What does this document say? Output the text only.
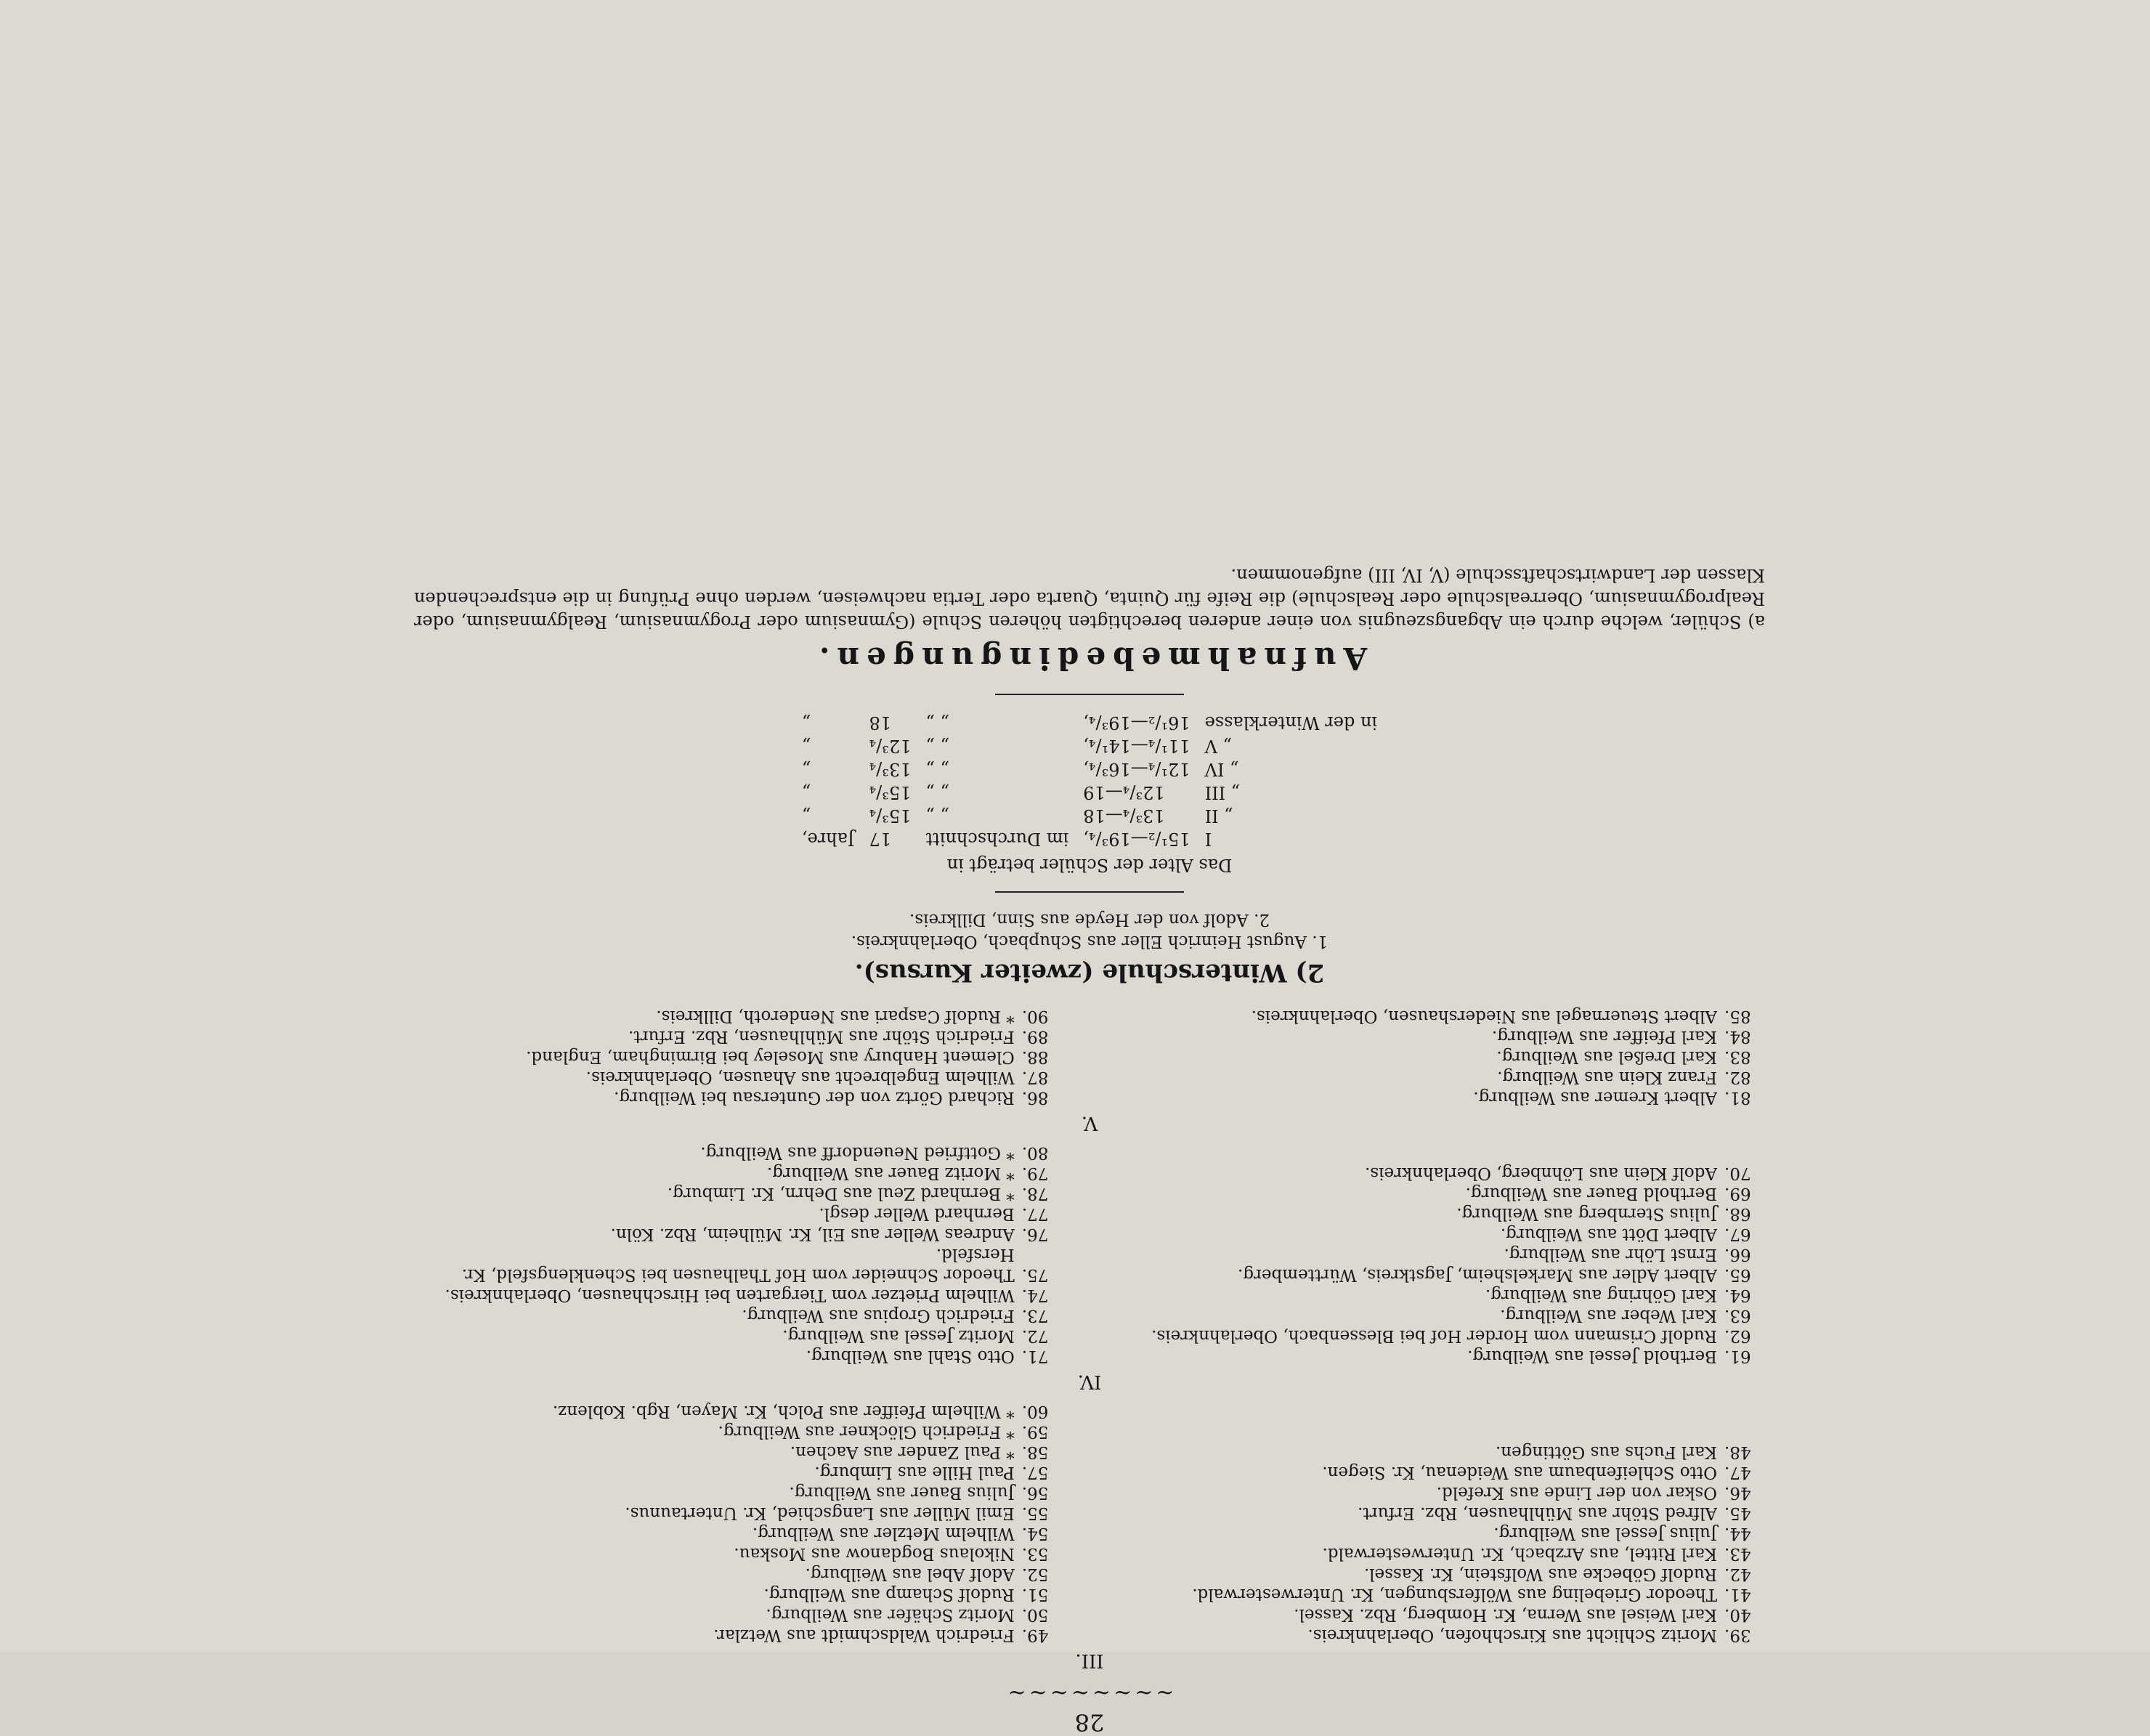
28
~~~~~~~~
III.
39.
Moritz Schlicht aus Kirschhofen, Oberlahnkreis.
40.
Karl Weisel aus Werna, Kr. Homberg, Rbz. Kassel.
41.
Theodor Griebeling aus Wölfersbungen, Kr. Unterwesterwald.
42.
Rudolf Göbecke aus Wolfstein, Kr. Kassel.
43.
Karl Rittel, aus Arzbach, Kr. Unterwesterwald.
44.
Julius Jessel aus Weilburg.
45.
Alfred Stöhr aus Mühlhausen, Rbz. Erfurt.
46.
Oskar von der Linde aus Krefeld.
47.
Otto Schleifenbaum aus Weidenau, Kr. Siegen.
48.
Karl Fuchs aus Göttingen.
49.
Friedrich Waldschmidt aus Wetzlar.
50.
Moritz Schäfer aus Weilburg.
51.
Rudolf Schamp aus Weilburg.
52.
Adolf Abel aus Weilburg.
53.
Nikolaus Bogdanow aus Moskau.
54.
Wilhelm Metzler aus Weilburg.
55.
Emil Müller aus Langschied, Kr. Untertaunus.
56.
Julius Bauer aus Weilburg.
57.
Paul Hille aus Limburg.
58.
* Paul Zander aus Aachen.
59.
* Friedrich Glöckner aus Weilburg.
60.
* Wilhelm Pfeiffer aus Polch, Kr. Mayen, Rgb. Koblenz.
IV.
61.
Berthold Jessel aus Weilburg.
62.
Rudolf Crismann vom Horder Hof bei Blessenbach, Oberlahnkreis.
63.
Karl Weber aus Weilburg.
64.
Karl Göhring aus Weilburg.
65.
Albert Adler aus Markelsheim, Jagstkreis, Württemberg.
66.
Ernst Löhr aus Weilburg.
67.
Albert Dött aus Weilburg.
68.
Julius Sternberg aus Weilburg.
69.
Berthold Bauer aus Weilburg.
70.
Adolf Klein aus Löhnberg, Oberlahnkreis.
71.
Otto Stahl aus Weilburg.
72.
Moritz Jessel aus Weilburg.
73.
Friedrich Gropius aus Weilburg.
74.
Wilhelm Prietzer vom Tiergarten bei Hirschhausen, Oberlahnkreis.
75.
Theodor Schneider vom Hof Thalhausen bei Schenklengsfeld, Kr. Hersfeld.
76.
Andreas Weller aus Eil, Kr. Mülheim, Rbz. Köln.
77.
Bernhard Weller desgl.
78.
* Bernhard Zeul aus Dehrn, Kr. Limburg.
79.
* Moritz Bauer aus Weilburg.
80.
* Gottfried Neuendorff aus Weilburg.
V.
81.
Albert Kremer aus Weilburg.
82.
Franz Klein aus Weilburg.
83.
Karl Dreßel aus Weilburg.
84.
Karl Pfeiffer aus Weilburg.
85.
Albert Steuernagel aus Niedershausen, Oberlahnkreis.
86.
Richard Görtz von der Guntersau bei Weilburg.
87.
Wilhelm Engelbrecht aus Ahausen, Oberlahnkreis.
88.
Clement Hanbury aus Moseley bei Birmingham, England.
89.
Friedrich Stöhr aus Mühlhausen, Rbz. Erfurt.
90.
* Rudolf Caspari aus Nenderoth, Dillkreis.
2) Winterschule (zweiter Kursus).
1. August Heinrich Eller aus Schupbach, Oberlahnkreis.
2. Adolf von der Heyde aus Sinn, Dillkreis.
Das Alter der Schüler beträgt in
I	15¹/₂—19³/₄,	im Durchschnitt	17	Jahre,
„ II	13³/₄—18	„ „	15³/₄	„
„ III	12³/₄—19	„ „	15³/₄	„
„ IV	12¹/₄—16³/₄,	„ „	13³/₄	„
„ V	11¹/₄—14¹/₄,	„ „	12³/₄	„
in der Winterklasse	16¹/₂—19³/₄,	„ „	18	„
Aufnahmebedingungen.
a) Schüler, welche durch ein Abgangszeugnis von einer anderen berechtigten höheren Schule (Gymnasium oder Progymnasium, Realgymnasium, oder Realprogymnasium, Oberrealschule oder Realschule) die Reife für Quinta, Quarta oder Tertia nachweisen, werden ohne Prüfung in die entsprechenden Klassen der Landwirtschaftsschule (V, IV, III) aufgenommen.
